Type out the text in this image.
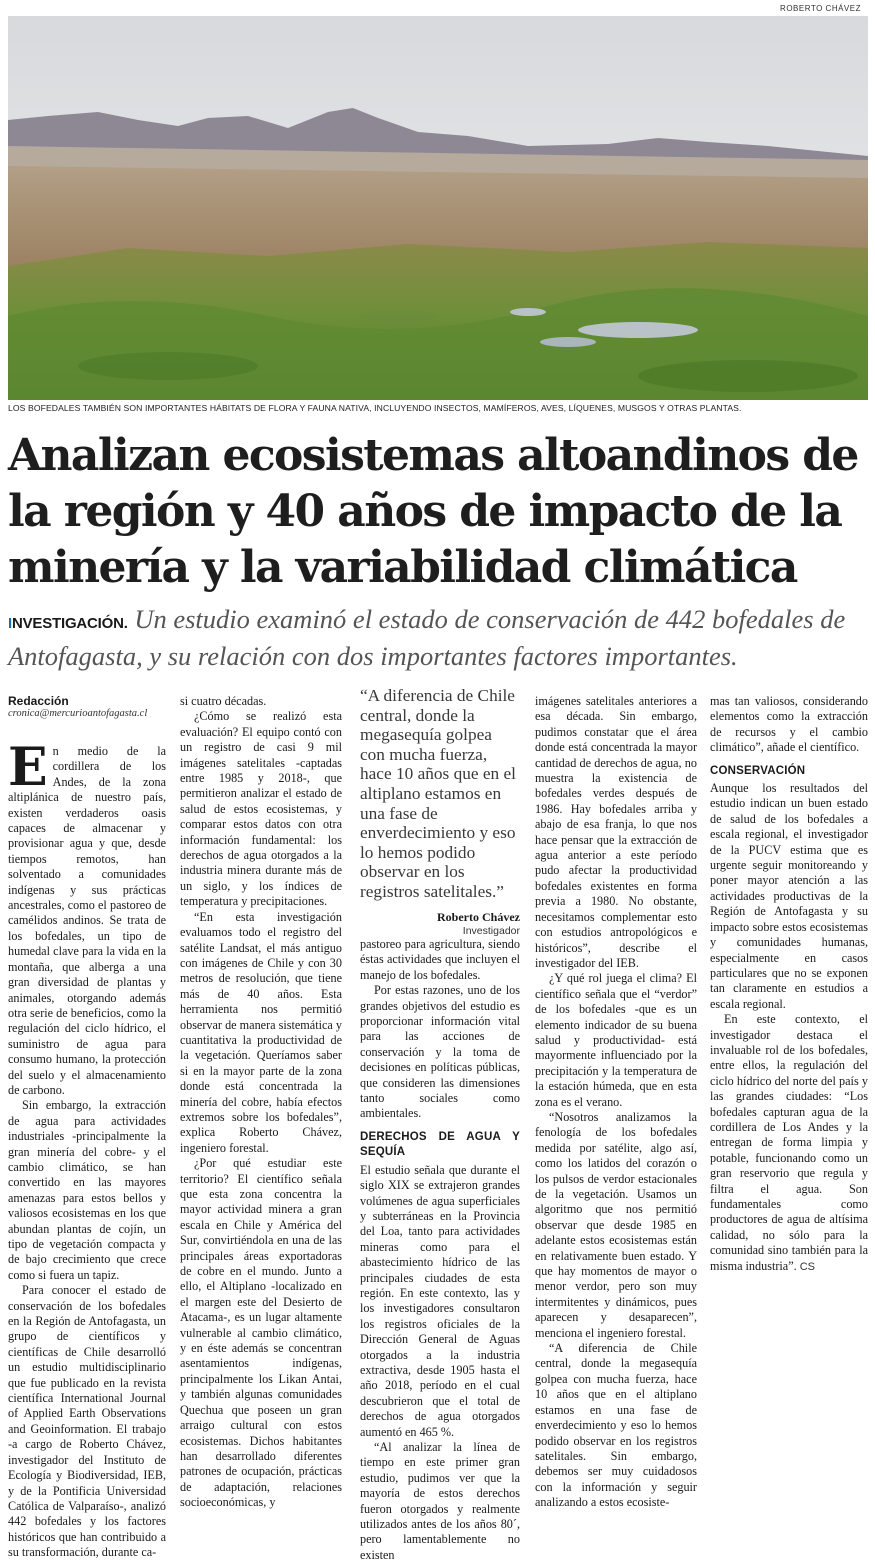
ROBERTO CHÁVEZ
LOS BOFEDALES TAMBIÉN SON IMPORTANTES HÁBITATS DE FLORA Y FAUNA NATIVA, INCLUYENDO INSECTOS, MAMÍFEROS, AVES, LÍQUENES, MUSGOS Y OTRAS PLANTAS.
Analizan ecosistemas altoandinos de la región y 40 años de impacto de la minería y la variabilidad climática
INVESTIGACIÓN. Un estudio examinó el estado de conservación de 442 bofedales de Antofagasta, y su relación con dos importantes factores importantes.
Redacción
cronica@mercurioantofagasta.cl

En medio de la cordillera de los Andes, de la zona altiplánica de nuestro país, existen verdaderos oasis capaces de almacenar y provisionar agua y que, desde tiempos remotos, han solventado a comunidades indígenas y sus prácticas ancestrales, como el pastoreo de camélidos andinos. Se trata de los bofedales, un tipo de humedal clave para la vida en la montaña, que alberga a una gran diversidad de plantas y animales, otorgando además otra serie de beneficios, como la regulación del ciclo hídrico, el suministro de agua para consumo humano, la protección del suelo y el almacenamiento de carbono.

Sin embargo, la extracción de agua para actividades industriales -principalmente la gran minería del cobre- y el cambio climático, se han convertido en las mayores amenazas para estos bellos y valiosos ecosistemas en los que abundan plantas de cojín, un tipo de vegetación compacta y de bajo crecimiento que crece como si fuera un tapiz.

Para conocer el estado de conservación de los bofedales en la Región de Antofagasta, un grupo de científicos y científicas de Chile desarrolló un estudio multidisciplinario que fue publicado en la revista científica International Journal of Applied Earth Observations and Geoinformation. El trabajo -a cargo de Roberto Chávez, investigador del Instituto de Ecología y Biodiversidad, IEB, y de la Pontificia Universidad Católica de Valparaíso-, analizó 442 bofedales y los factores históricos que han contribuido a su transformación, durante ca-

si cuatro décadas.

¿Cómo se realizó esta evaluación? El equipo contó con un registro de casi 9 mil imágenes satelitales -captadas entre 1985 y 2018-, que permitieron analizar el estado de salud de estos ecosistemas, y comparar estos datos con otra información fundamental: los derechos de agua otorgados a la industria minera durante más de un siglo, y los índices de temperatura y precipitaciones.

“En esta investigación evaluamos todo el registro del satélite Landsat, el más antiguo con imágenes de Chile y con 30 metros de resolución, que tiene más de 40 años. Esta herramienta nos permitió observar de manera sistemática y cuantitativa la productividad de la vegetación. Queríamos saber si en la mayor parte de la zona donde está concentrada la minería del cobre, había efectos extremos sobre los bofedales”, explica Roberto Chávez, ingeniero forestal.

¿Por qué estudiar este territorio? El científico señala que esta zona concentra la mayor actividad minera a gran escala en Chile y América del Sur, convirtiéndola en una de las principales áreas exportadoras de cobre en el mundo. Junto a ello, el Altiplano -localizado en el margen este del Desierto de Atacama-, es un lugar altamente vulnerable al cambio climático, y en éste además se concentran asentamientos indígenas, principalmente los Likan Antai, y también algunas comunidades Quechua que poseen un gran arraigo cultural con estos ecosistemas. Dichos habitantes han desarrollado diferentes patrones de ocupación, prácticas de adaptación, relaciones socioeconómicas, y

“A diferencia de Chile central, donde la megasequía golpea con mucha fuerza, hace 10 años que en el altiplano estamos en una fase de enverdecimiento y eso lo hemos podido observar en los registros satelitales.”
Roberto Chávez
Investigador

pastoreo para agricultura, siendo éstas actividades que incluyen el manejo de los bofedales.

Por estas razones, uno de los grandes objetivos del estudio es proporcionar información vital para las acciones de conservación y la toma de decisiones en políticas públicas, que consideren las dimensiones tanto sociales como ambientales.

DERECHOS DE AGUA Y SEQUÍA

El estudio señala que durante el siglo XIX se extrajeron grandes volúmenes de agua superficiales y subterráneas en la Provincia del Loa, tanto para actividades mineras como para el abastecimiento hídrico de las principales ciudades de esta región. En este contexto, las y los investigadores consultaron los registros oficiales de la Dirección General de Aguas otorgados a la industria extractiva, desde 1905 hasta el año 2018, período en el cual descubrieron que el total de derechos de agua otorgados aumentó en 465 %.

“Al analizar la línea de tiempo en este primer gran estudio, pudimos ver que la mayoría de estos derechos fueron otorgados y realmente utilizados antes de los años 80´, pero lamentablemente no existen

imágenes satelitales anteriores a esa década. Sin embargo, pudimos constatar que el área donde está concentrada la mayor cantidad de derechos de agua, no muestra la existencia de bofedales verdes después de 1986. Hay bofedales arriba y abajo de esa franja, lo que nos hace pensar que la extracción de agua anterior a este período pudo afectar la productividad bofedales existentes en forma previa a 1980. No obstante, necesitamos complementar esto con estudios antropológicos e históricos”, describe el investigador del IEB.

¿Y qué rol juega el clima? El científico señala que el “verdor” de los bofedales -que es un elemento indicador de su buena salud y productividad- está mayormente influenciado por la precipitación y la temperatura de la estación húmeda, que en esta zona es el verano.

“Nosotros analizamos la fenología de los bofedales medida por satélite, algo así, como los latidos del corazón o los pulsos de verdor estacionales de la vegetación. Usamos un algoritmo que nos permitió observar que desde 1985 en adelante estos ecosistemas están en relativamente buen estado. Y que hay momentos de mayor o menor verdor, pero son muy intermitentes y dinámicos, pues aparecen y desaparecen”, menciona el ingeniero forestal.

“A diferencia de Chile central, donde la megasequía golpea con mucha fuerza, hace 10 años que en el altiplano estamos en una fase de enverdecimiento y eso lo hemos podido observar en los registros satelitales. Sin embargo, debemos ser muy cuidadosos con la información y seguir analizando a estos ecosiste-

mas tan valiosos, considerando elementos como la extracción de recursos y el cambio climático”, añade el científico.

CONSERVACIÓN

Aunque los resultados del estudio indican un buen estado de salud de los bofedales a escala regional, el investigador de la PUCV estima que es urgente seguir monitoreando y poner mayor atención a las actividades productivas de la Región de Antofagasta y su impacto sobre estos ecosistemas y comunidades humanas, especialmente en casos particulares que no se exponen tan claramente en estudios a escala regional.

En este contexto, el investigador destaca el invaluable rol de los bofedales, entre ellos, la regulación del ciclo hídrico del norte del país y las grandes ciudades: “Los bofedales capturan agua de la cordillera de Los Andes y la entregan de forma limpia y potable, funcionando como un gran reservorio que regula y filtra el agua. Son fundamentales como productores de agua de altísima calidad, no sólo para la comunidad sino también para la misma industria”. CS
